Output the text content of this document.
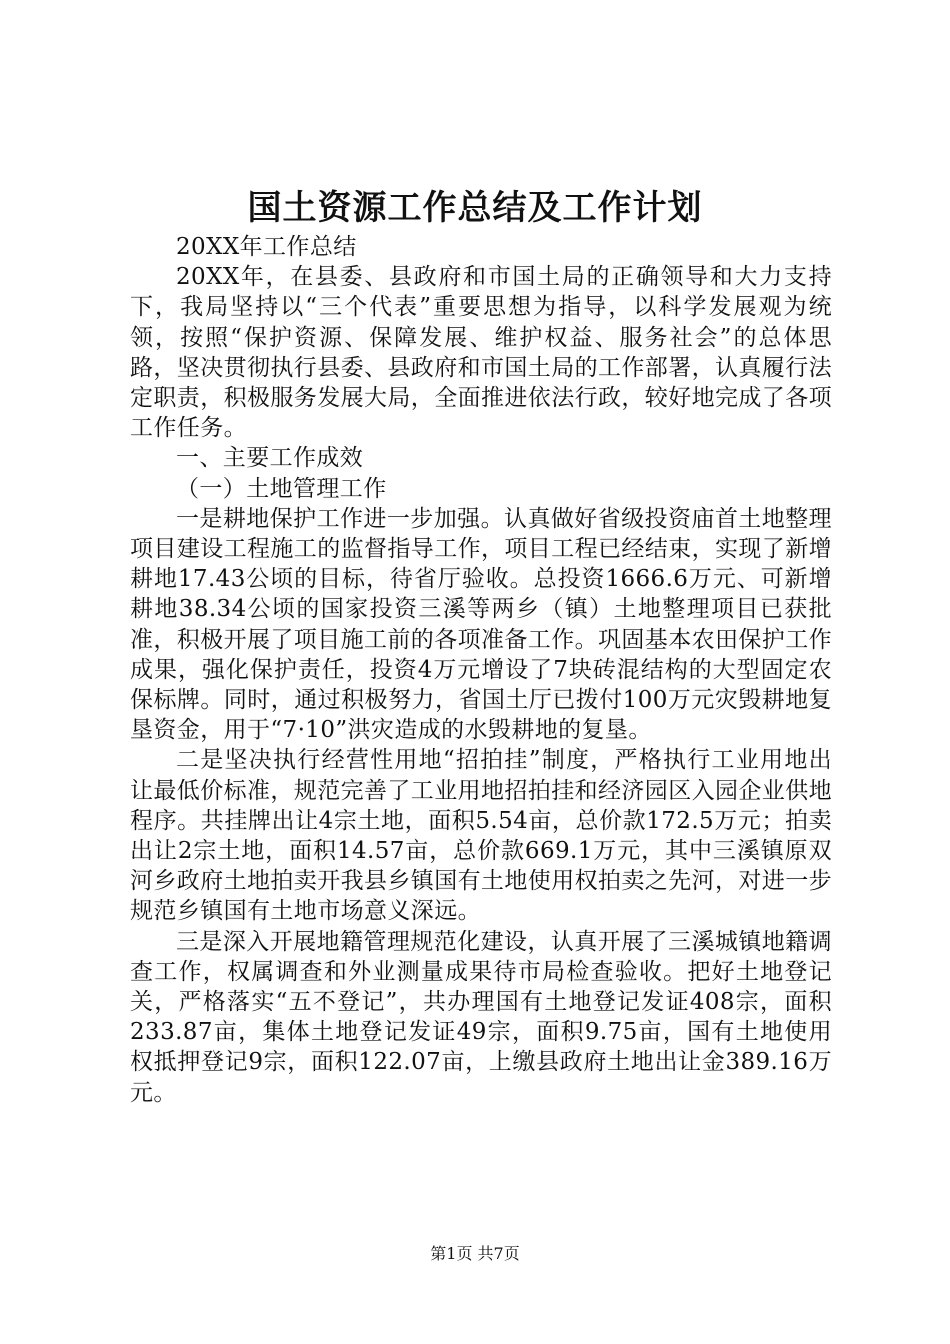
国土资源工作总结及工作计划

20XX年工作总结

20XX年，在县委、县政府和市国土局的正确领导和大力支持下，我局坚持以“三个代表”重要思想为指导，以科学发展观为统领，按照“保护资源、保障发展、维护权益、服务社会”的总体思路，坚决贯彻执行县委、县政府和市国土局的工作部署，认真履行法定职责，积极服务发展大局，全面推进依法行政，较好地完成了各项工作任务。

一、主要工作成效

（一）土地管理工作

一是耕地保护工作进一步加强。认真做好省级投资庙首土地整理项目建设工程施工的监督指导工作，项目工程已经结束，实现了新增耕地17.43公顷的目标，待省厅验收。总投资1666.6万元、可新增耕地38.34公顷的国家投资三溪等两乡（镇）土地整理项目已获批准，积极开展了项目施工前的各项准备工作。巩固基本农田保护工作成果，强化保护责任，投资4万元增设了7块砖混结构的大型固定农保标牌。同时，通过积极努力，省国土厅已拨付100万元灾毁耕地复垦资金，用于“7·10”洪灾造成的水毁耕地的复垦。

二是坚决执行经营性用地“招拍挂”制度，严格执行工业用地出让最低价标准，规范完善了工业用地招拍挂和经济园区入园企业供地程序。共挂牌出让4宗土地，面积5.54亩，总价款172.5万元；拍卖出让2宗土地，面积14.57亩，总价款669.1万元，其中三溪镇原双河乡政府土地拍卖开我县乡镇国有土地使用权拍卖之先河，对进一步规范乡镇国有土地市场意义深远。

三是深入开展地籍管理规范化建设，认真开展了三溪城镇地籍调查工作，权属调查和外业测量成果待市局检查验收。把好土地登记关，严格落实“五不登记”，共办理国有土地登记发证408宗，面积233.87亩，集体土地登记发证49宗，面积9.75亩，国有土地使用权抵押登记9宗，面积122.07亩，上缴县政府土地出让金389.16万元。

第1页 共7页
